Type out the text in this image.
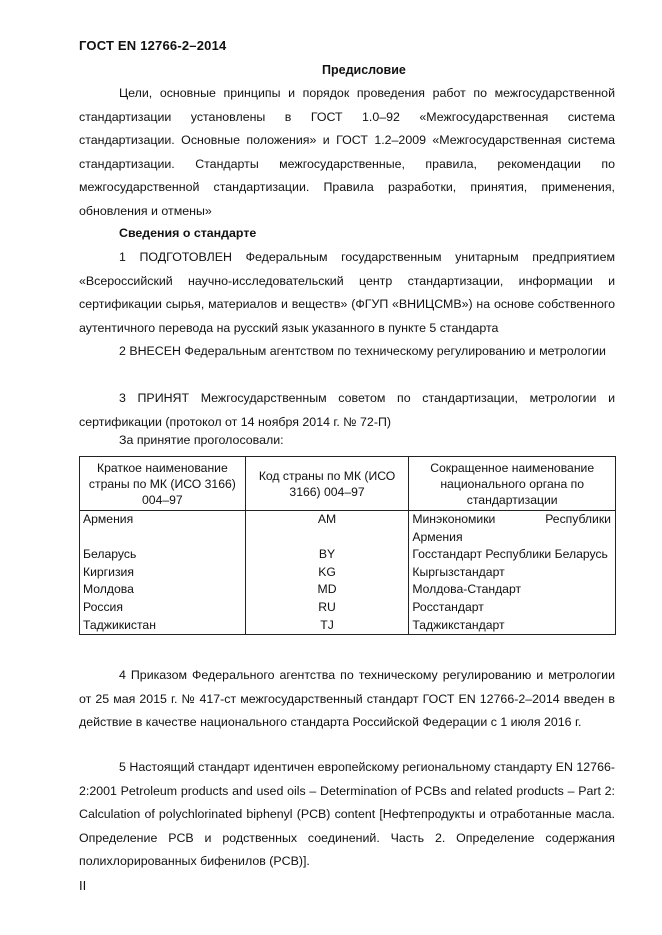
ГОСТ EN 12766-2–2014
Предисловие

Цели, основные принципы и порядок проведения работ по межгосударственной стандартизации установлены в ГОСТ 1.0–92 «Межгосударственная система стандартизации. Основные положения» и ГОСТ 1.2–2009 «Межгосударственная система стандартизации. Стандарты межгосударственные, правила, рекомендации по межгосударственной стандартизации. Правила разработки, принятия, применения, обновления и отмены»

Сведения о стандарте

1 ПОДГОТОВЛЕН Федеральным государственным унитарным предприятием «Всероссийский научно-исследовательский центр стандартизации, информации и сертификации сырья, материалов и веществ» (ФГУП «ВНИЦСМВ») на основе собственного аутентичного перевода на русский язык указанного в пункте 5 стандарта

2 ВНЕСЕН Федеральным агентством по техническому регулированию и метрологии

3 ПРИНЯТ Межгосударственным советом по стандартизации, метрологии и сертификации (протокол от 14 ноября 2014 г. № 72-П)

За принятие проголосовали:
Краткое наименование страны по МК (ИСО 3166) 004–97	Код страны по МК (ИСО 3166) 004–97	Сокращенное наименование национального органа по стандартизации
Армения	AM	Минэкономики Республики Армения
Беларусь	BY	Госстандарт Республики Беларусь
Киргизия	KG	Кыргызстандарт
Молдова	MD	Молдова-Стандарт
Россия	RU	Росстандарт
Таджикистан	TJ	Таджикстандарт

4 Приказом Федерального агентства по техническому регулированию и метрологии от 25 мая 2015 г. № 417-ст межгосударственный стандарт ГОСТ EN 12766-2–2014 введен в действие в качестве национального стандарта Российской Федерации с 1 июля 2016 г.

5 Настоящий стандарт идентичен европейскому региональному стандарту EN 12766-2:2001 Petroleum products and used oils – Determination of PCBs and related products – Part 2: Calculation of polychlorinated biphenyl (PCB) content [Нефтепродукты и отработанные масла. Определение PCB и родственных соединений. Часть 2. Определение содержания полихлорированных бифенилов (PCB)].

II
